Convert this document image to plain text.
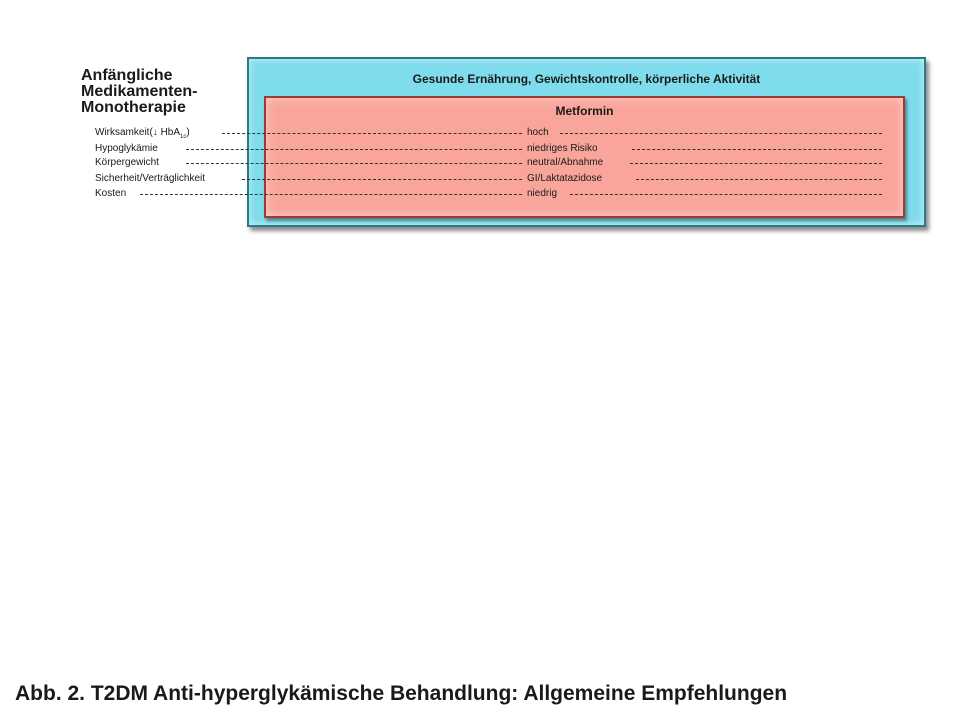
Anfängliche
Medikamenten-
Monotherapie
Gesunde Ernährung, Gewichtskontrolle, körperliche Aktivität
Metformin
Wirksamkeit(↓ HbA$_{1c}$)
Hypoglykämie
Körpergewicht
Sicherheit/Verträglichkeit
Kosten
hoch
niedriges Risiko
neutral/Abnahme
GI/Laktatazidose
niedrig
Abb. 2. T2DM Anti-hyperglykämische Behandlung: Allgemeine Empfehlungen
